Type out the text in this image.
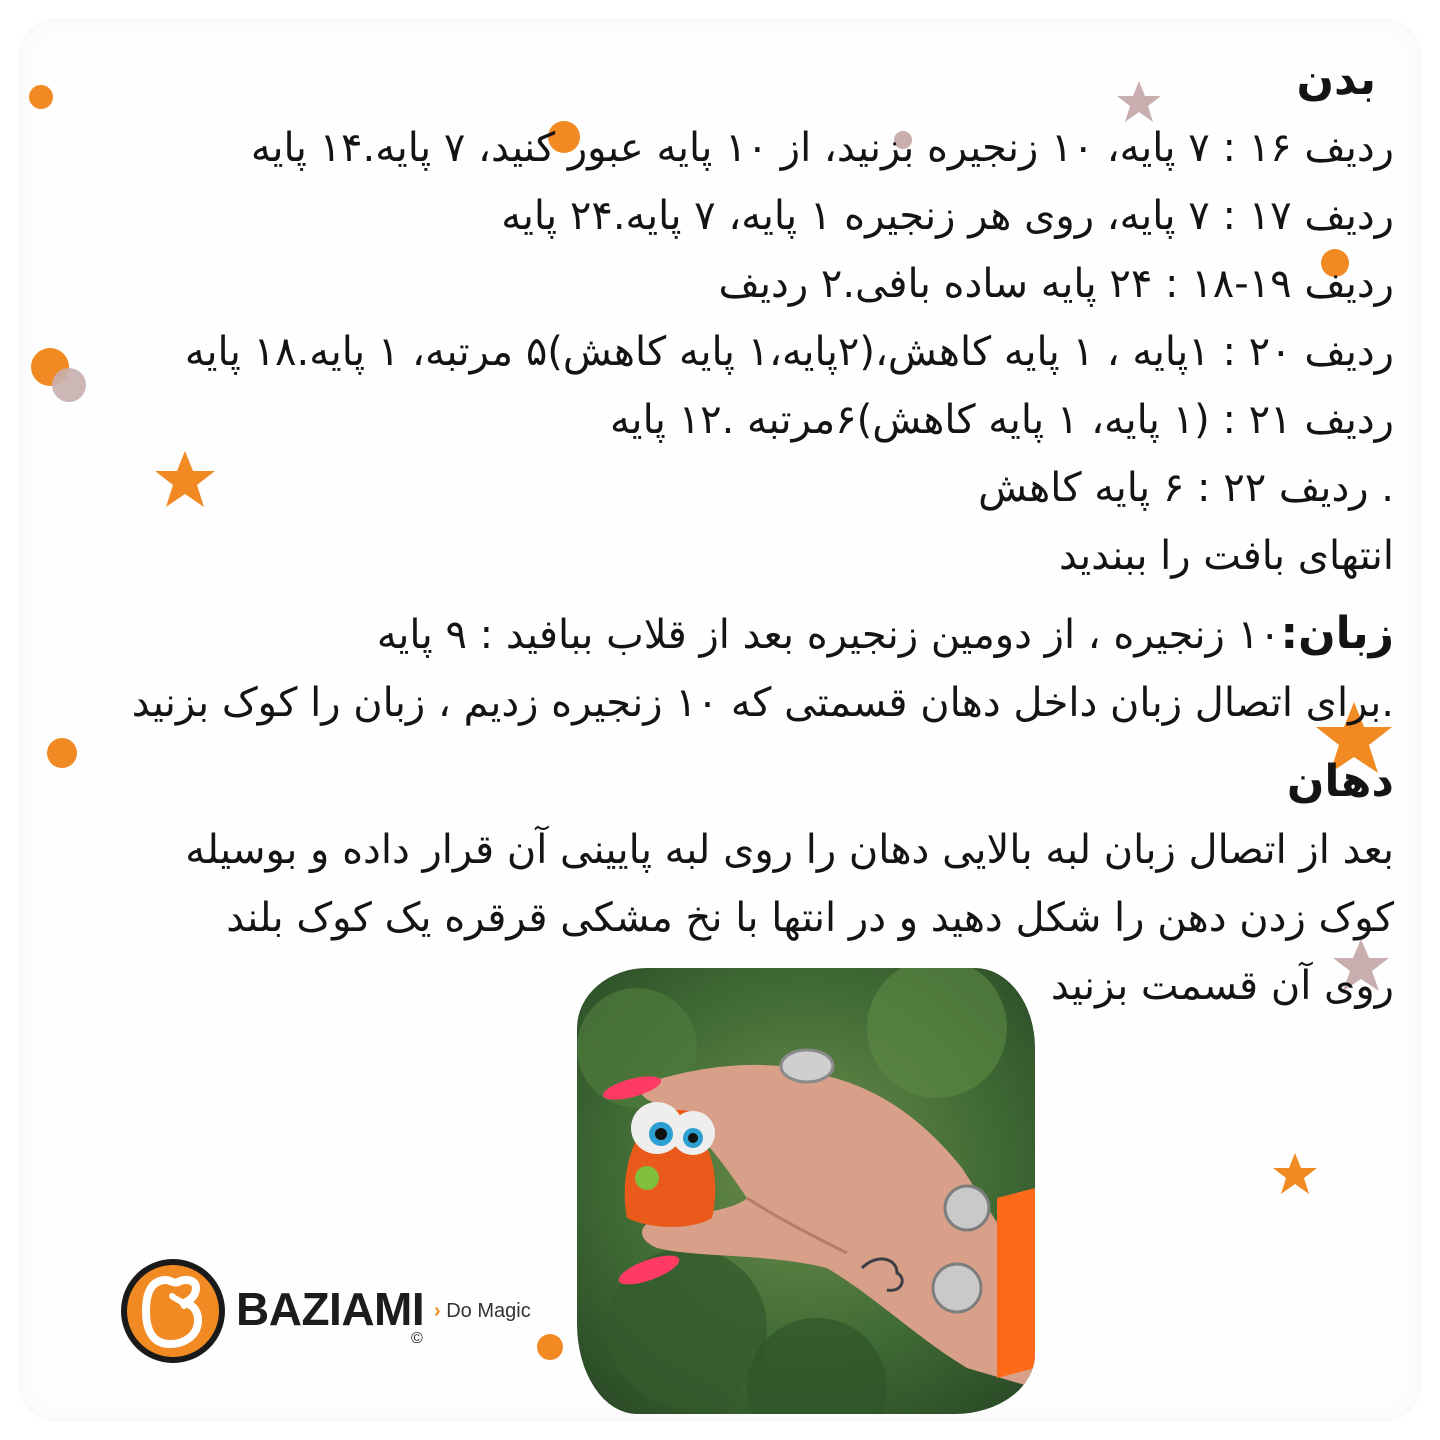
بدن
ردیف ۱۶ : ۷ پایه، ۱۰ زنجیره بزنید، از ۱۰ پایه عبور کنید، ۷ پایه.۱۴ پایه
ردیف ۱۷ : ۷ پایه، روی هر زنجیره ۱ پایه، ۷ پایه.۲۴ پایه
ردیف ۱۹-۱۸ : ۲۴ پایه ساده بافی.۲ ردیف
ردیف ۲۰ : ۱پایه ، ۱ پایه کاهش،(۲پایه،۱ پایه کاهش)۵ مرتبه، ۱ پایه.۱۸ پایه
ردیف ۲۱ : (۱ پایه، ۱ پایه کاهش)۶مرتبه .۱۲ پایه
. ردیف ۲۲ : ۶ پایه کاهش
انتهای بافت را ببندید
زبان:۱۰ زنجیره ، از دومین زنجیره بعد از قلاب ببافید : ۹ پایه
.برای اتصال زبان داخل دهان قسمتی که ۱۰ زنجیره زدیم ، زبان را کوک بزنید
دهان
بعد از اتصال زبان لبه بالایی دهان را روی لبه پایینی آن قرار داده و بوسیله
کوک زدن دهن را شکل دهید و در انتها با نخ مشکی قرقره یک کوک بلند
روی آن قسمت بزنید
BAZIAMI › Do Magic
©
